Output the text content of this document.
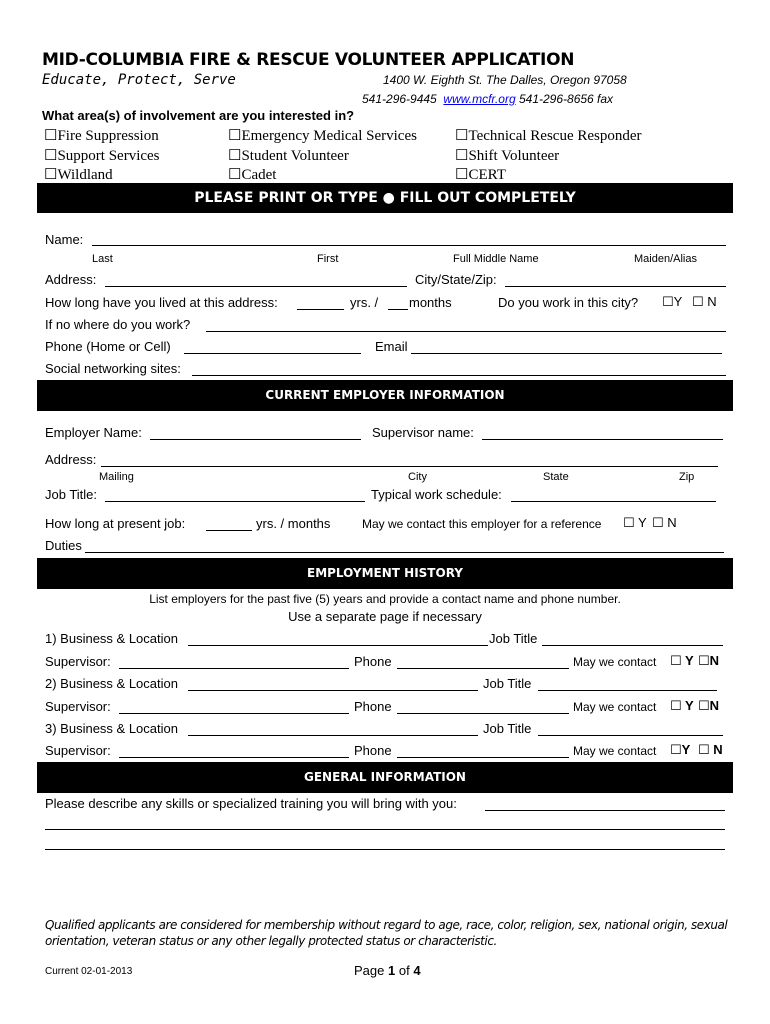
MID-COLUMBIA FIRE & RESCUE VOLUNTEER APPLICATION
Educate, Protect, Serve	1400 W. Eighth St. The Dalles, Oregon 97058
541-296-9445 www.mcfr.org 541-296-8656 fax
What area(s) of involvement are you interested in?
☐Fire Suppression	☐Emergency Medical Services	☐Technical Rescue Responder
☐Support Services	☐Student Volunteer	☐Shift Volunteer
☐Wildland	☐Cadet	☐CERT
PLEASE PRINT OR TYPE ● FILL OUT COMPLETELY
Name:
Last	First	Full Middle Name	Maiden/Alias
Address:	City/State/Zip:
How long have you lived at this address:	yrs. / months	Do you work in this city? ☐Y ☐ N
If no where do you work?
Phone (Home or Cell)	Email
Social networking sites:
CURRENT EMPLOYER INFORMATION
Employer Name:	Supervisor name:
Address:
Mailing	City	State	Zip
Job Title:	Typical work schedule:
How long at present job:	yrs. / months	May we contact this employer for a reference ☐ Y ☐ N
Duties
EMPLOYMENT HISTORY
List employers for the past five (5) years and provide a contact name and phone number.
Use a separate page if necessary
1) Business & Location	Job Title
Supervisor:	Phone	May we contact ☐ Y ☐N
2) Business & Location	Job Title
Supervisor:	Phone	May we contact ☐ Y ☐N
3) Business & Location	Job Title
Supervisor:	Phone	May we contact ☐Y ☐ N
GENERAL INFORMATION
Please describe any skills or specialized training you will bring with you:
Qualified applicants are considered for membership without regard to age, race, color, religion, sex, national origin, sexual
orientation, veteran status or any other legally protected status or characteristic.
Current 02-01-2013	Page 1 of 4
